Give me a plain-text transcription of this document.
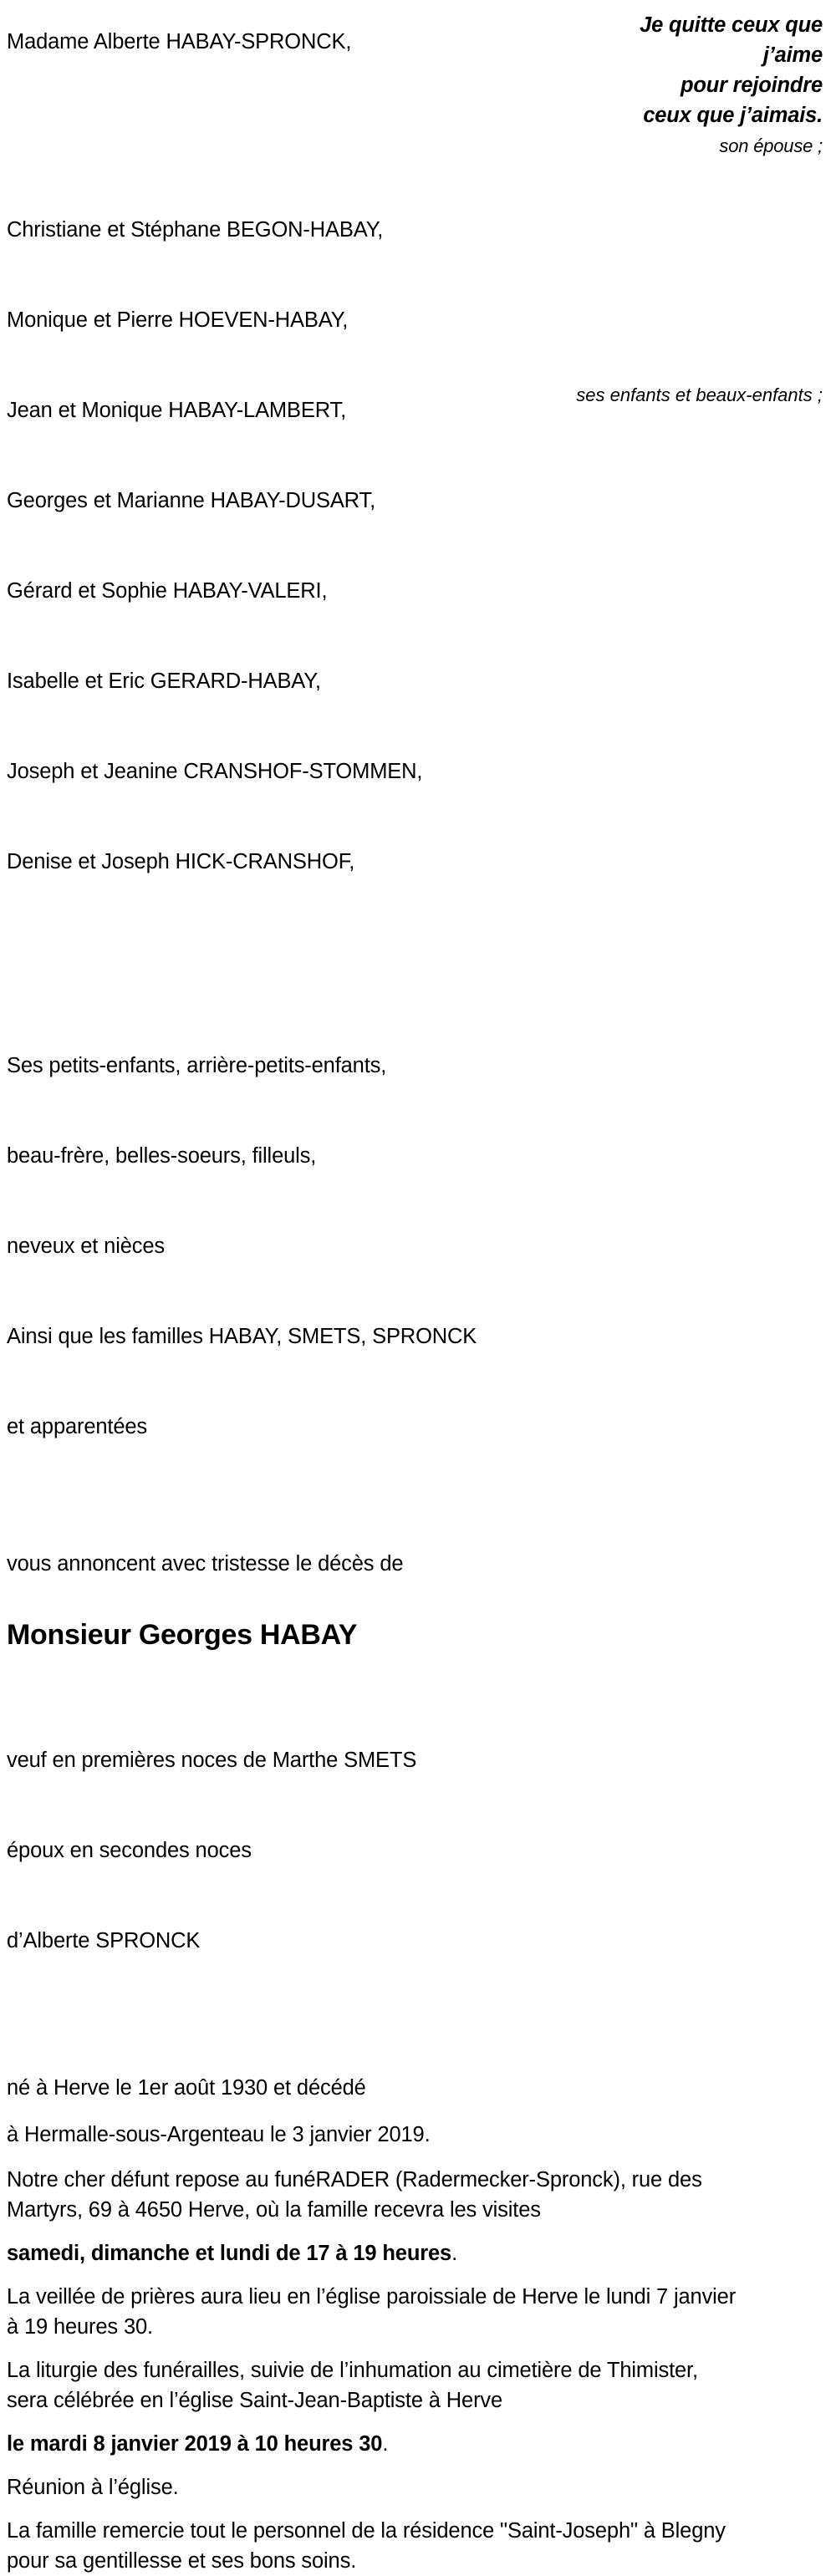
Je quitte ceux que
j’aime
pour rejoindre
ceux que j’aimais.
son épouse ;
ses enfants et beaux-enfants ;
Madame Alberte HABAY-SPRONCK,

Christiane et Stéphane BEGON-HABAY,

Monique et Pierre HOEVEN-HABAY,

Jean et Monique HABAY-LAMBERT,

Georges et Marianne HABAY-DUSART,

Gérard et Sophie HABAY-VALERI,

Isabelle et Eric GERARD-HABAY,

Joseph et Jeanine CRANSHOF-STOMMEN,

Denise et Joseph HICK-CRANSHOF,

Ses petits-enfants, arrière-petits-enfants,

beau-frère, belles-soeurs, filleuls,

neveux et nièces

Ainsi que les familles HABAY, SMETS, SPRONCK

et apparentées

vous annoncent avec tristesse le décès de
Monsieur Georges HABAY

veuf en premières noces de Marthe SMETS

époux en secondes noces

d’Alberte SPRONCK

né à Herve le 1er août 1930 et décédé
à Hermalle-sous-Argenteau le 3 janvier 2019.

Notre cher défunt repose au funéRADER (Radermecker-Spronck), rue des Martyrs, 69 à 4650 Herve, où la famille recevra les visites

samedi, dimanche et lundi de 17 à 19 heures.

La veillée de prières aura lieu en l’église paroissiale de Herve le lundi 7 janvier à 19 heures 30.

La liturgie des funérailles, suivie de l’inhumation au cimetière de Thimister, sera célébrée en l’église Saint-Jean-Baptiste à Herve

le mardi 8 janvier 2019 à 10 heures 30.

Réunion à l’église.

La famille remercie tout le personnel de la résidence "Saint-Joseph" à Blegny pour sa gentillesse et ses bons soins.
